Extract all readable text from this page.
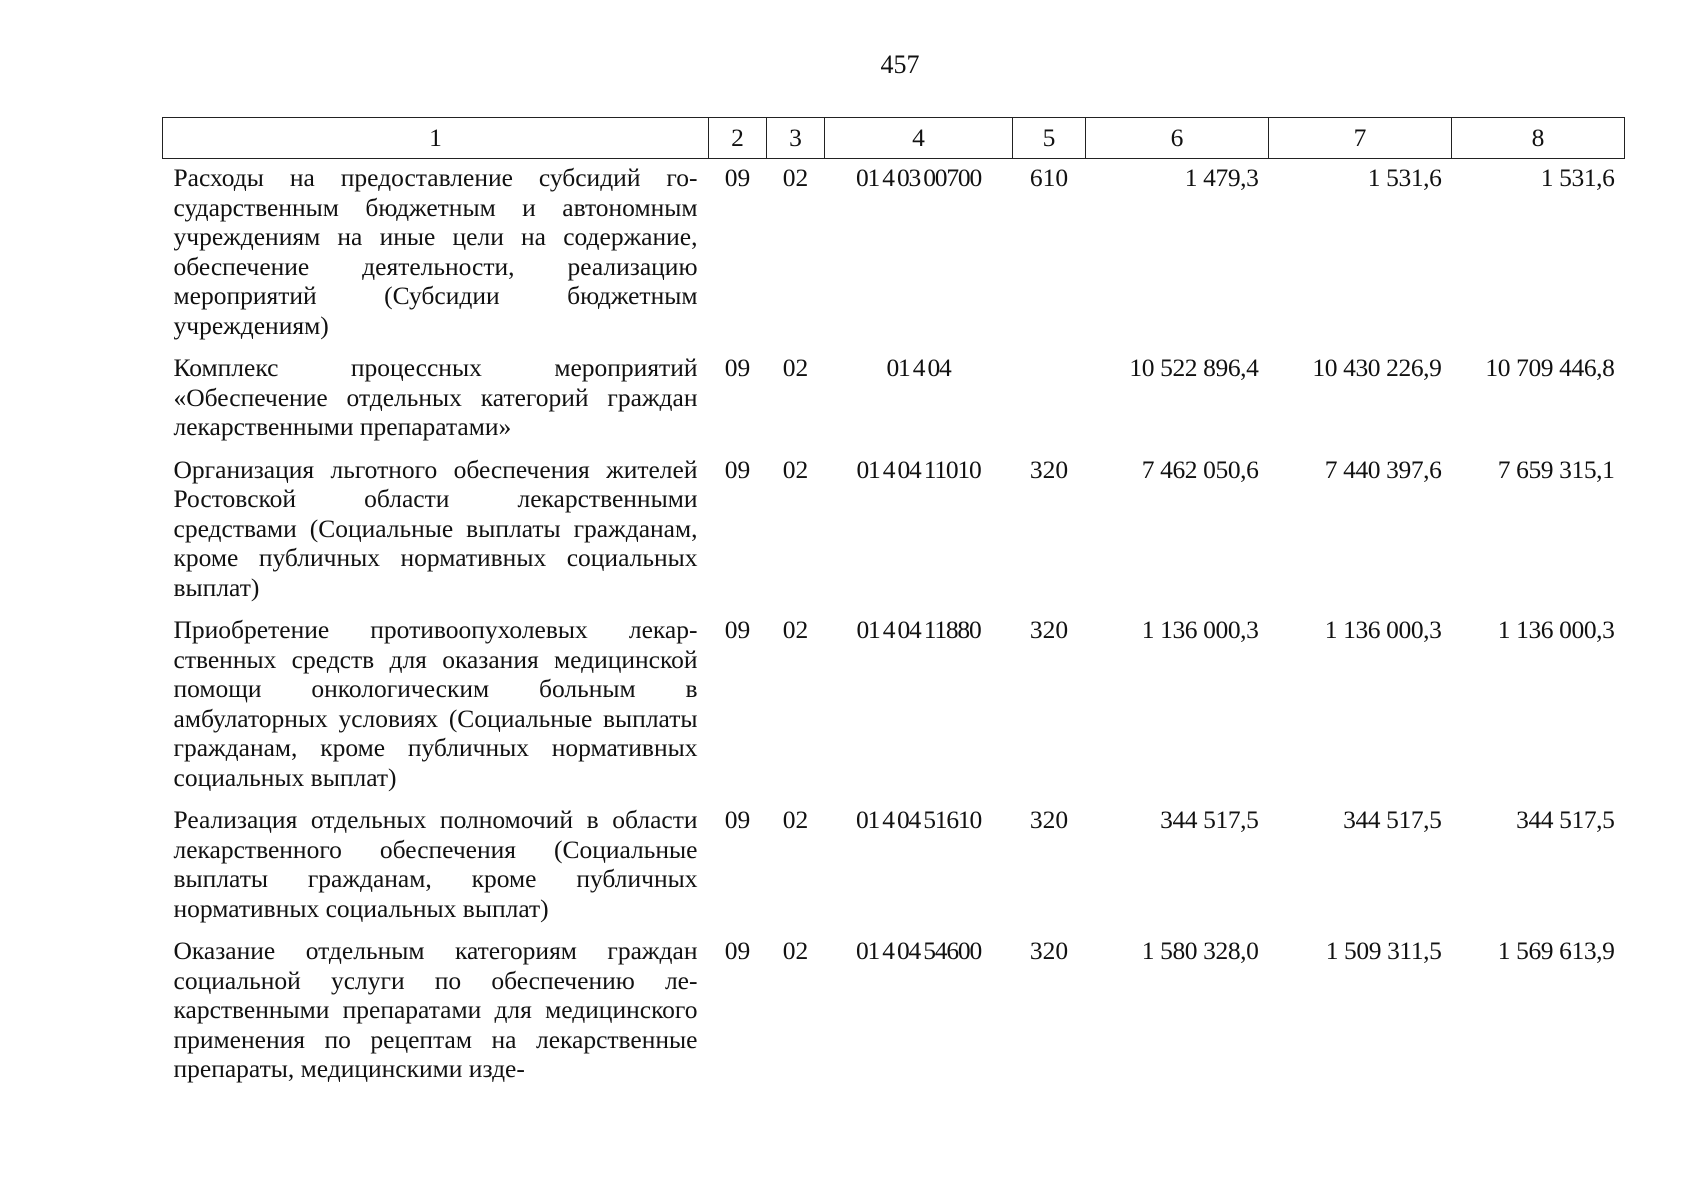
457
1	2	3	4	5	6	7	8
Расходы на предоставление субсидий государственным бюджетным и автономным учреждениям на иные цели на содержание, обеспечение деятельности, реализацию мероприятий (Субсидии бюджетным учреждениям)	09	02	01 4 03 00700	610	1 479,3	1 531,6	1 531,6
Комплекс процессных мероприятий «Обеспечение отдельных категорий граждан лекарственными препаратами»	09	02	01 4 04		10 522 896,4	10 430 226,9	10 709 446,8
Организация льготного обеспечения жителей Ростовской области лекарственными средствами (Социальные выплаты гражданам, кроме публичных нормативных социальных выплат)	09	02	01 4 04 11010	320	7 462 050,6	7 440 397,6	7 659 315,1
Приобретение противоопухолевых лекарственных средств для оказания медицинской помощи онкологическим больным в амбулаторных условиях (Социальные выплаты гражданам, кроме публичных нормативных социальных выплат)	09	02	01 4 04 11880	320	1 136 000,3	1 136 000,3	1 136 000,3
Реализация отдельных полномочий в области лекарственного обеспечения (Социальные выплаты гражданам, кроме публичных нормативных социальных выплат)	09	02	01 4 04 51610	320	344 517,5	344 517,5	344 517,5
Оказание отдельным категориям граждан социальной услуги по обеспечению лекарственными препаратами для медицинского применения по рецептам на лекарственные препараты, медицинскими изде-	09	02	01 4 04 54600	320	1 580 328,0	1 509 311,5	1 569 613,9
